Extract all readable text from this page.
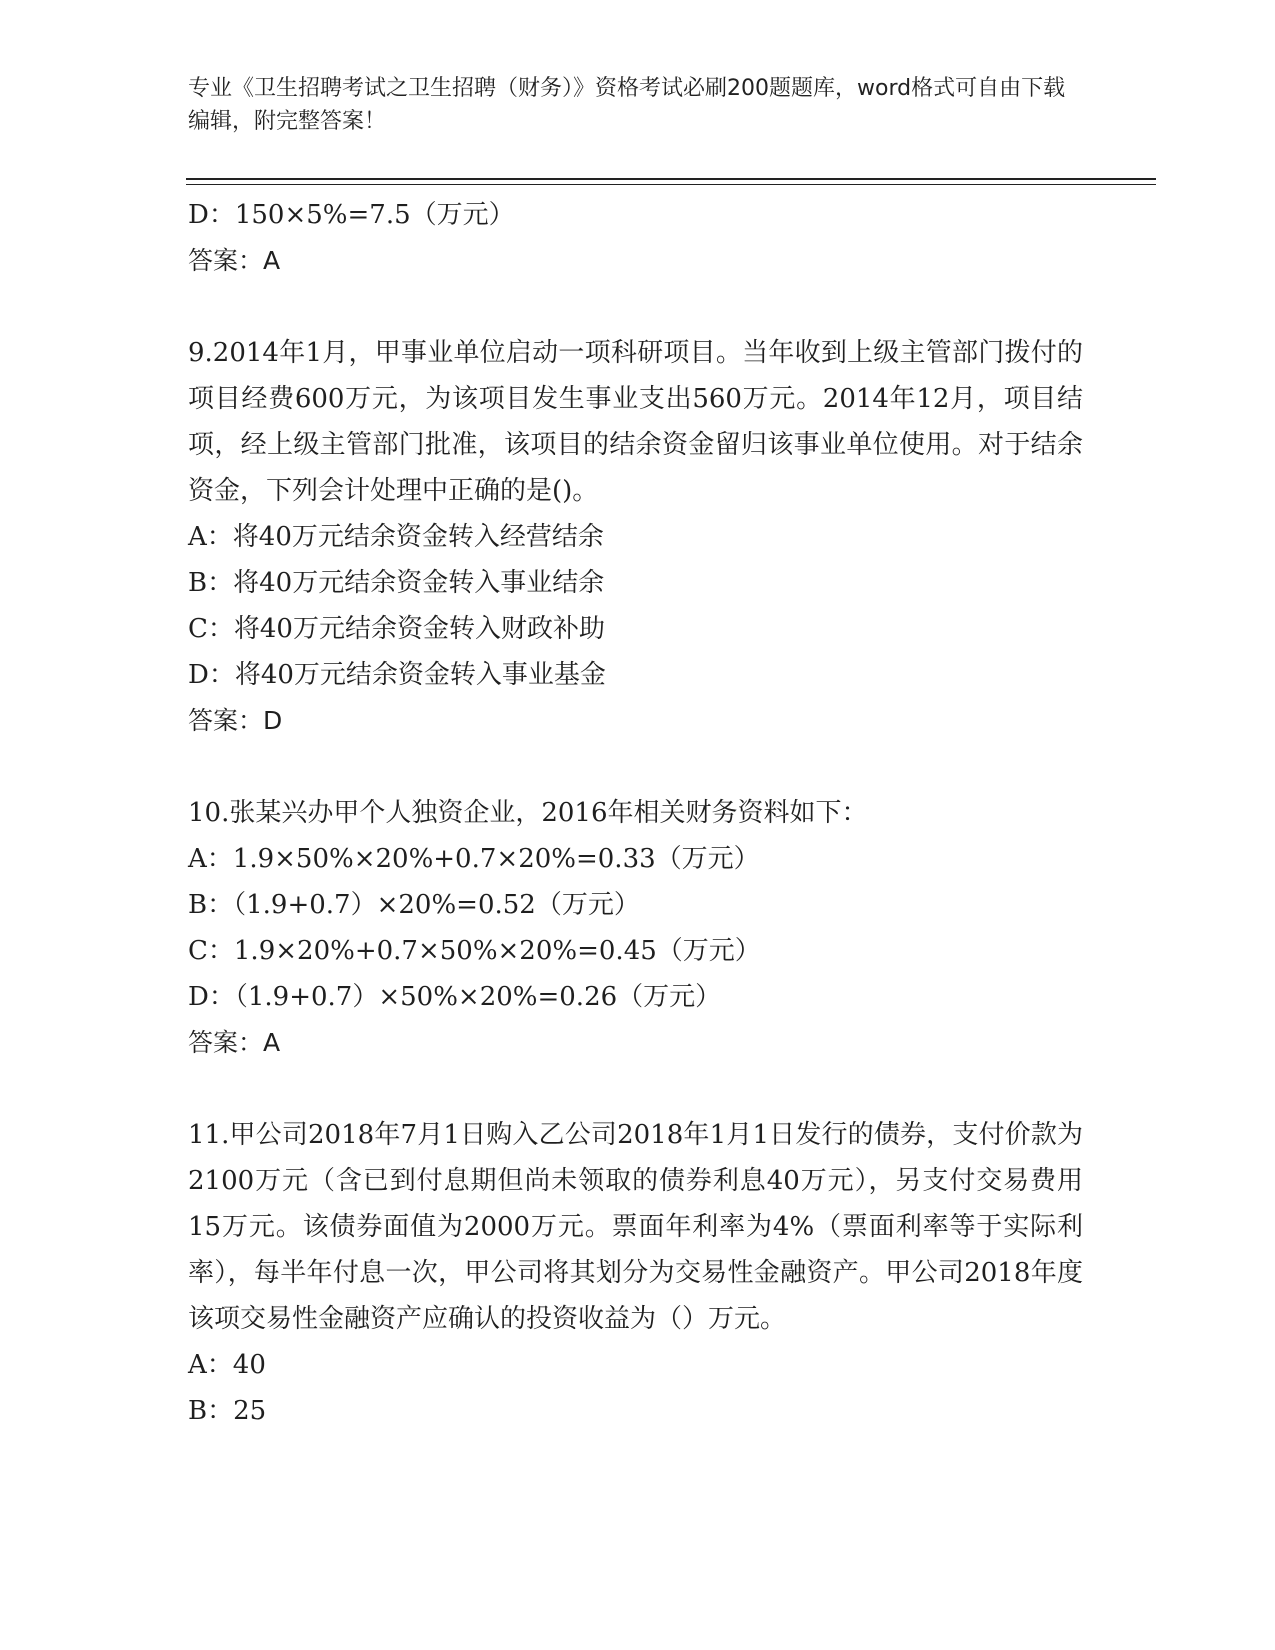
专业《卫生招聘考试之卫生招聘（财务）》资格考试必刷200题题库，word格式可自由下载编辑，附完整答案！

D：150×5%=7.5（万元）

答案：A

9.2014年1月，甲事业单位启动一项科研项目。当年收到上级主管部门拨付的项目经费600万元，为该项目发生事业支出560万元。2014年12月，项目结项，经上级主管部门批准，该项目的结余资金留归该事业单位使用。对于结余资金，下列会计处理中正确的是()。

A：将40万元结余资金转入经营结余

B：将40万元结余资金转入事业结余

C：将40万元结余资金转入财政补助

D：将40万元结余资金转入事业基金

答案：D

10.张某兴办甲个人独资企业，2016年相关财务资料如下：

A：1.9×50%×20%+0.7×20%=0.33（万元）

B：（1.9+0.7）×20%=0.52（万元）

C：1.9×20%+0.7×50%×20%=0.45（万元）

D：（1.9+0.7）×50%×20%=0.26（万元）

答案：A

11.甲公司2018年7月1日购入乙公司2018年1月1日发行的债券，支付价款为2100万元（含已到付息期但尚未领取的债券利息40万元），另支付交易费用15万元。该债券面值为2000万元。票面年利率为4%（票面利率等于实际利率），每半年付息一次，甲公司将其划分为交易性金融资产。甲公司2018年度该项交易性金融资产应确认的投资收益为（）万元。

A：40

B：25
